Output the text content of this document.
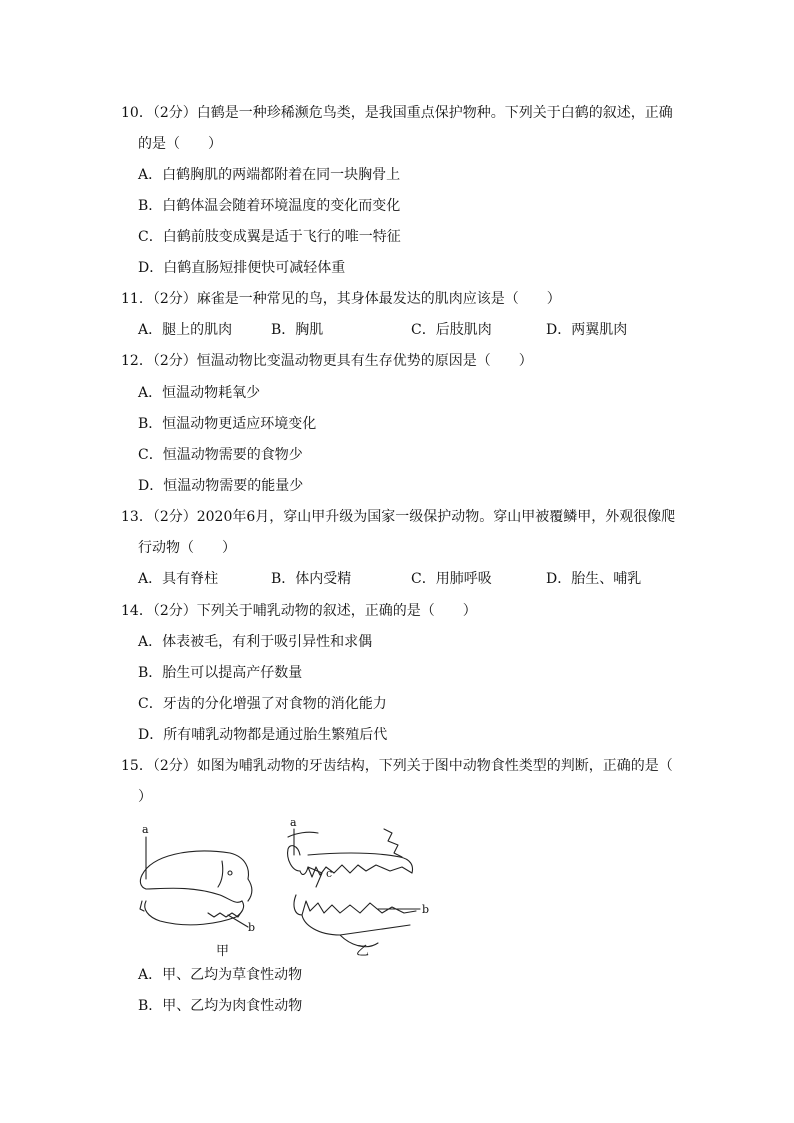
10．（2分）白鹤是一种珍稀濒危鸟类，是我国重点保护物种。下列关于白鹤的叙述，正确
的是（　　）
A．白鹤胸肌的两端都附着在同一块胸骨上
B．白鹤体温会随着环境温度的变化而变化
C．白鹤前肢变成翼是适于飞行的唯一特征
D．白鹤直肠短排便快可减轻体重
11．（2分）麻雀是一种常见的鸟，其身体最发达的肌肉应该是（　　）
A．腿上的肌肉	B．胸肌	C．后肢肌肉	D．两翼肌肉
12．（2分）恒温动物比变温动物更具有生存优势的原因是（　　）
A．恒温动物耗氧少
B．恒温动物更适应环境变化
C．恒温动物需要的食物少
D．恒温动物需要的能量少
13．（2分）2020年6月，穿山甲升级为国家一级保护动物。穿山甲被覆鳞甲，外观很像爬
行动物（　　）
A．具有脊柱	B．体内受精	C．用肺呼吸	D．胎生、哺乳
14．（2分）下列关于哺乳动物的叙述，正确的是（　　）
A．体表被毛，有利于吸引异性和求偶
B．胎生可以提高产仔数量
C．牙齿的分化增强了对食物的消化能力
D．所有哺乳动物都是通过胎生繁殖后代
15．（2分）如图为哺乳动物的牙齿结构，下列关于图中动物食性类型的判断，正确的是（
）
a
b
a
c
b
甲	乙
A．甲、乙均为草食性动物
B．甲、乙均为肉食性动物
